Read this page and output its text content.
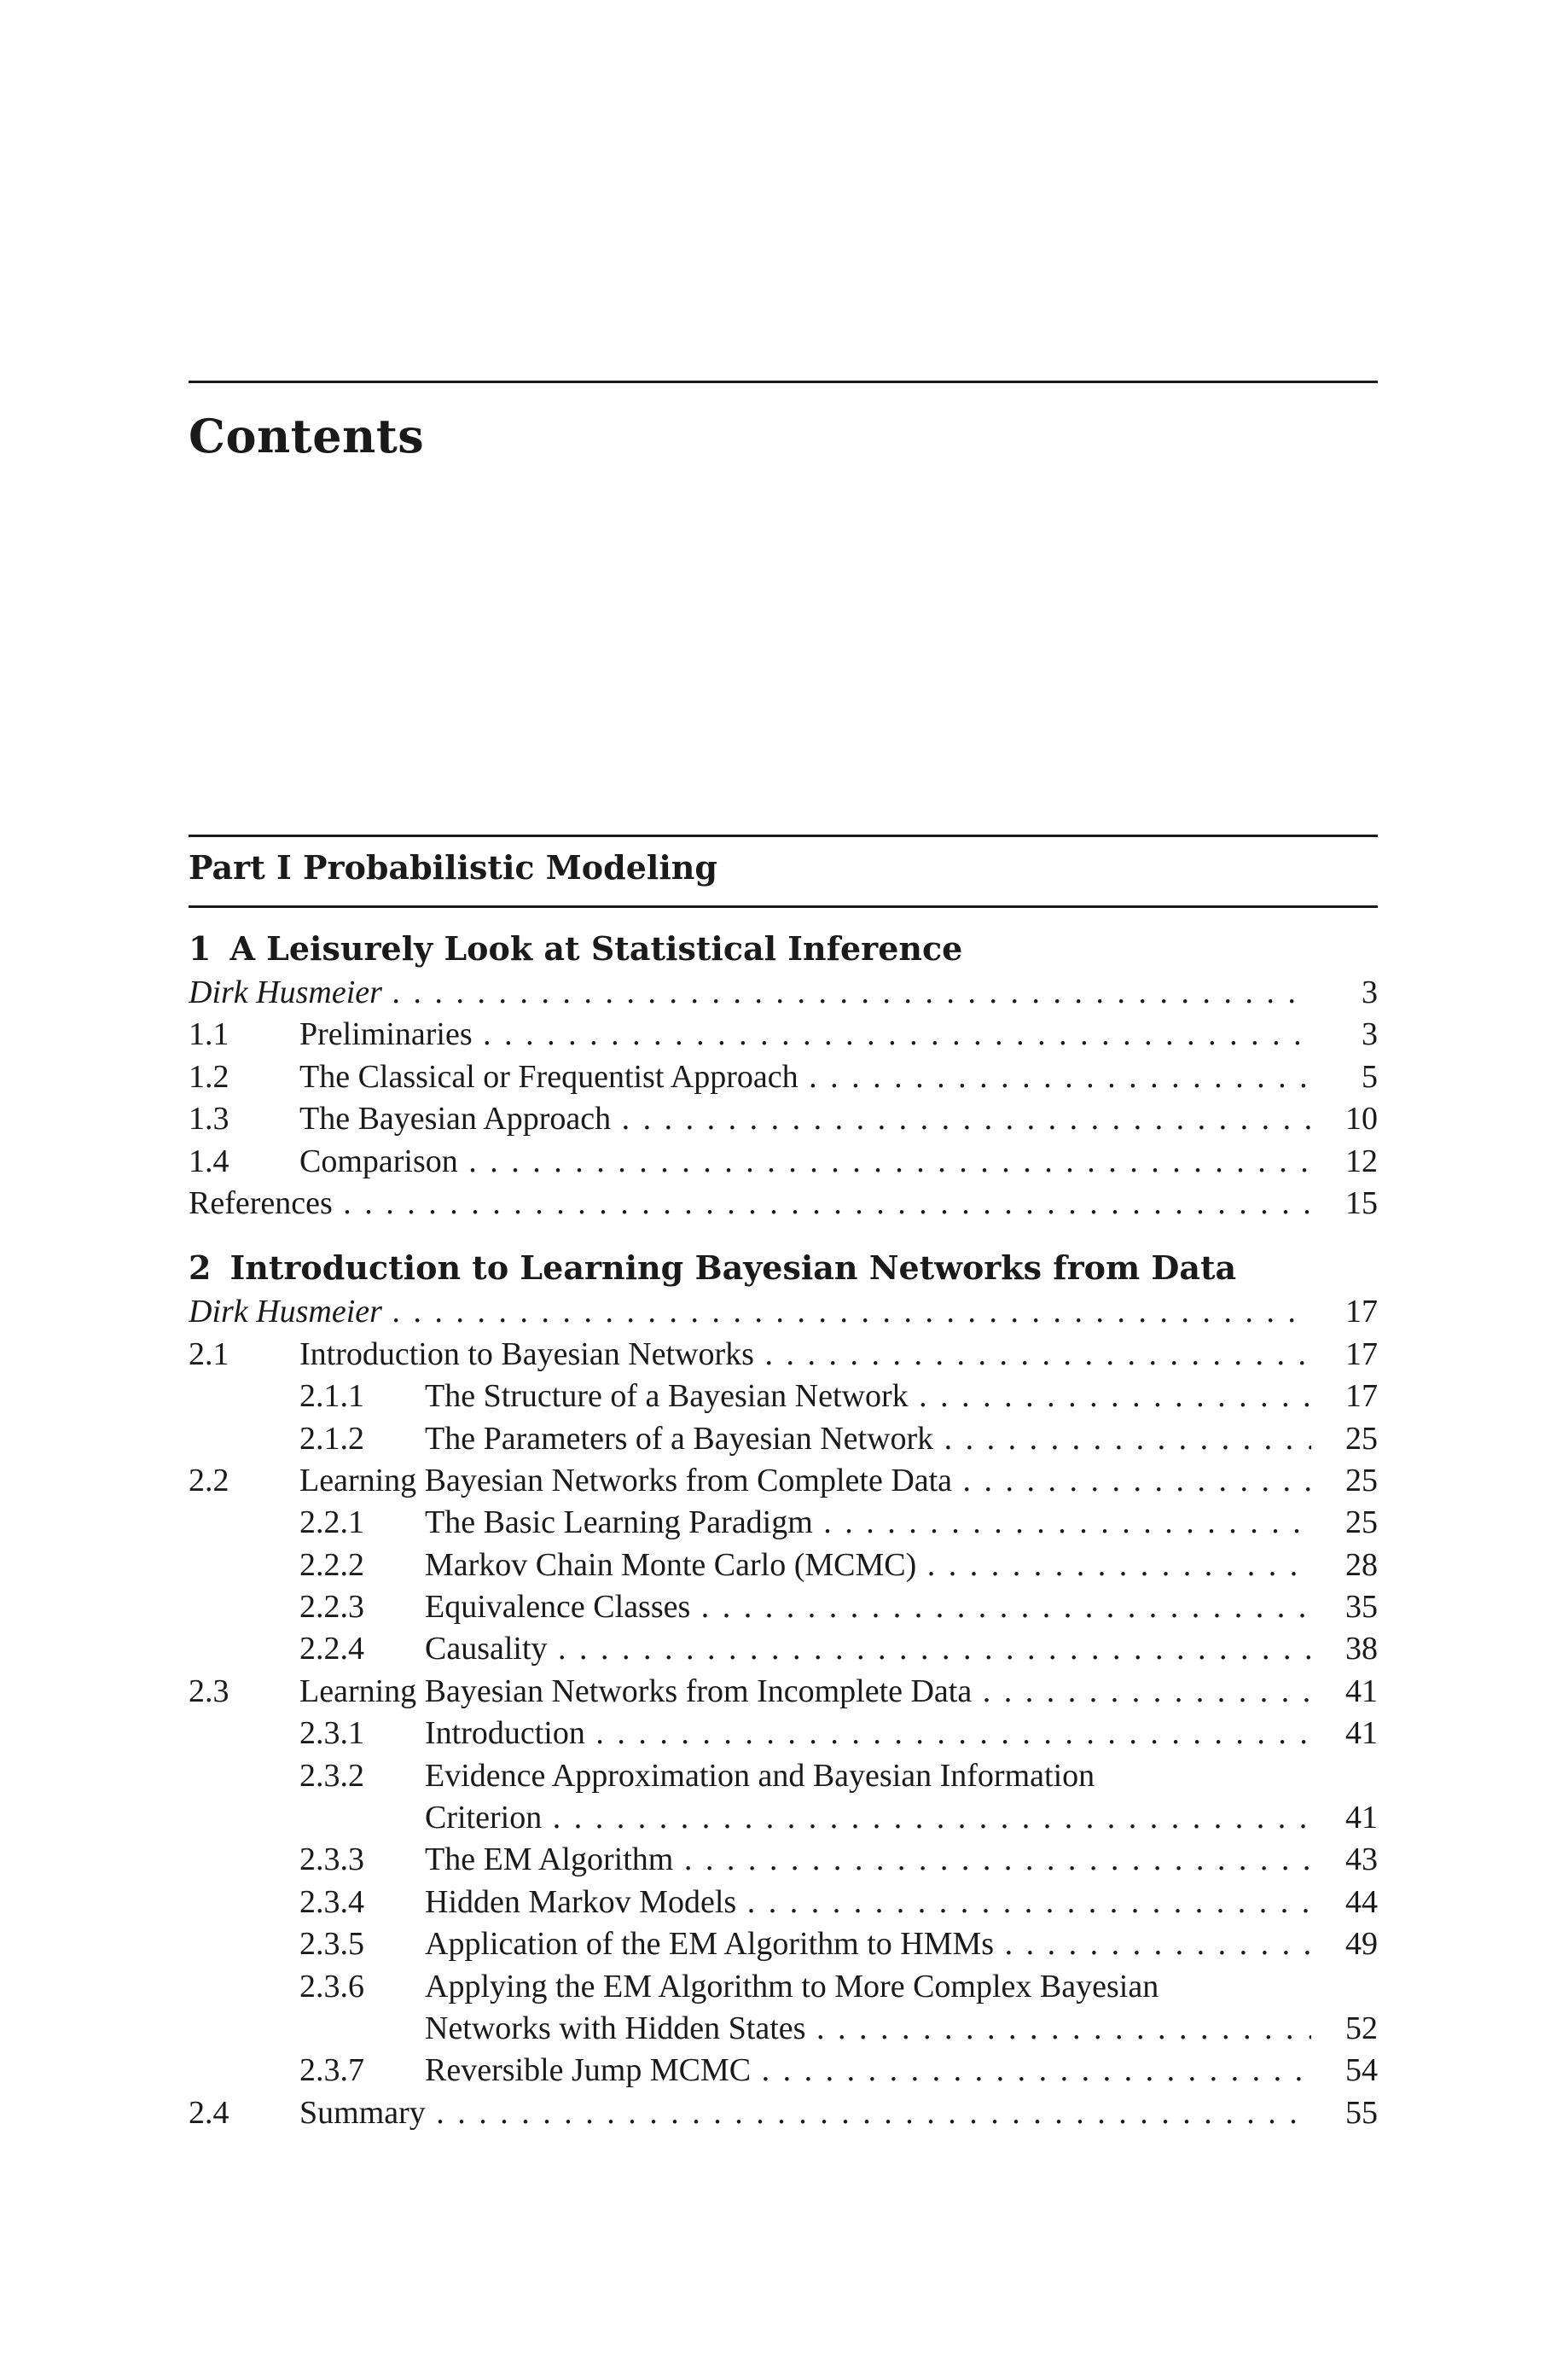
Contents
Part I Probabilistic Modeling
1 A Leisurely Look at Statistical Inference
Dirk Husmeier . . .	3
1.1 Preliminaries . . .	3
1.2 The Classical or Frequentist Approach . . .	5
1.3 The Bayesian Approach . . .	10
1.4 Comparison . . .	12
References . . .	15
2 Introduction to Learning Bayesian Networks from Data
Dirk Husmeier . . .	17
2.1 Introduction to Bayesian Networks . . .	17
2.1.1 The Structure of a Bayesian Network . . .	17
2.1.2 The Parameters of a Bayesian Network . . .	25
2.2 Learning Bayesian Networks from Complete Data . . .	25
2.2.1 The Basic Learning Paradigm . . .	25
2.2.2 Markov Chain Monte Carlo (MCMC) . . .	28
2.2.3 Equivalence Classes . . .	35
2.2.4 Causality . . .	38
2.3 Learning Bayesian Networks from Incomplete Data . . .	41
2.3.1 Introduction . . .	41
2.3.2 Evidence Approximation and Bayesian Information
Criterion . . .	41
2.3.3 The EM Algorithm . . .	43
2.3.4 Hidden Markov Models . . .	44
2.3.5 Application of the EM Algorithm to HMMs . . .	49
2.3.6 Applying the EM Algorithm to More Complex Bayesian
Networks with Hidden States . . .	52
2.3.7 Reversible Jump MCMC . . .	54
2.4 Summary . . .	55
